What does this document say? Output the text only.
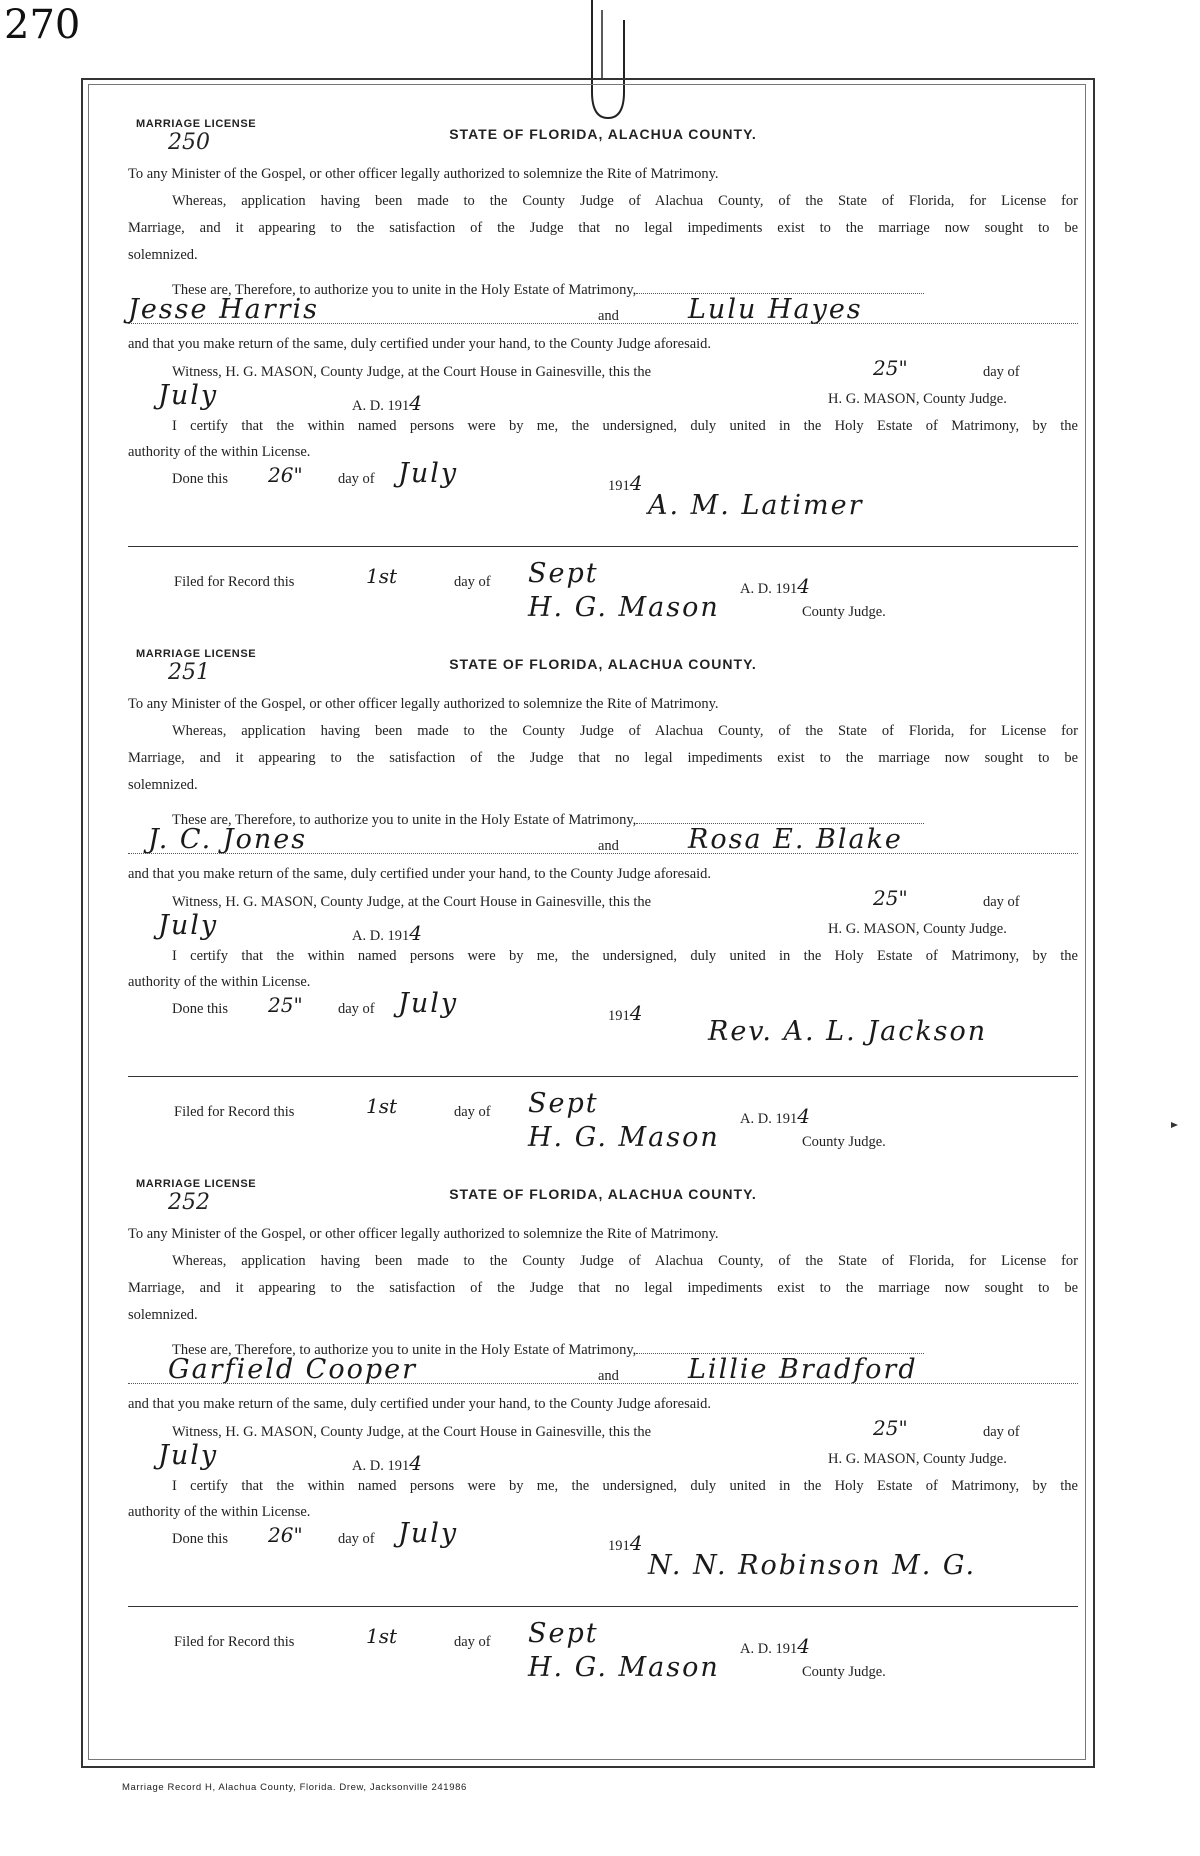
270
MARRIAGE LICENSE
250	STATE OF FLORIDA, ALACHUA COUNTY.
To any Minister of the Gospel, or other officer legally authorized to solemnize the Rite of Matrimony.
Whereas, application having been made to the County Judge of Alachua County, of the State of Florida, for License for
Marriage, and it appearing to the satisfaction of the Judge that no legal impediments exist to the marriage now sought to be
solemnized.
These are, Therefore, to authorize you to unite in the Holy Estate of Matrimony,
Jesse Harris	and	Lulu Hayes
and that you make return of the same, duly certified under your hand, to the County Judge aforesaid.
Witness, H. G. MASON, County Judge, at the Court House in Gainesville, this the	25"	day of
July	A. D. 1914	H. G. MASON, County Judge.
I certify that the within named persons were by me, the undersigned, duly united in the Holy Estate of Matrimony, by the
authority of the within License.
Done this 26" day of July	1914
A. M. Latimer
Filed for Record this	1st	day of Sept	A. D. 1914
H. G. Mason	County Judge.
MARRIAGE LICENSE
251	STATE OF FLORIDA, ALACHUA COUNTY.
To any Minister of the Gospel, or other officer legally authorized to solemnize the Rite of Matrimony.
Whereas, application having been made to the County Judge of Alachua County, of the State of Florida, for License for
Marriage, and it appearing to the satisfaction of the Judge that no legal impediments exist to the marriage now sought to be
solemnized.
These are, Therefore, to authorize you to unite in the Holy Estate of Matrimony,
J. C. Jones	and	Rosa E. Blake
and that you make return of the same, duly certified under your hand, to the County Judge aforesaid.
Witness, H. G. MASON, County Judge, at the Court House in Gainesville, this the	25"	day of
July	A. D. 1914	H. G. MASON, County Judge.
I certify that the within named persons were by me, the undersigned, duly united in the Holy Estate of Matrimony, by the
authority of the within License.
Done this 25" day of July	1914
Rev. A. L. Jackson
Filed for Record this	1st	day of Sept	A. D. 1914
H. G. Mason	County Judge.
MARRIAGE LICENSE
252	STATE OF FLORIDA, ALACHUA COUNTY.
To any Minister of the Gospel, or other officer legally authorized to solemnize the Rite of Matrimony.
Whereas, application having been made to the County Judge of Alachua County, of the State of Florida, for License for
Marriage, and it appearing to the satisfaction of the Judge that no legal impediments exist to the marriage now sought to be
solemnized.
These are, Therefore, to authorize you to unite in the Holy Estate of Matrimony,
Garfield Cooper	and	Lillie Bradford
and that you make return of the same, duly certified under your hand, to the County Judge aforesaid.
Witness, H. G. MASON, County Judge, at the Court House in Gainesville, this the	25"	day of
July	A. D. 1914	H. G. MASON, County Judge.
I certify that the within named persons were by me, the undersigned, duly united in the Holy Estate of Matrimony, by the
authority of the within License.
Done this 26" day of July	1914
N. N. Robinson M. G.
Filed for Record this	1st	day of Sept	A. D. 1914
H. G. Mason	County Judge.
Marriage Record H, Alachua County, Florida. Drew, Jacksonville 241986
